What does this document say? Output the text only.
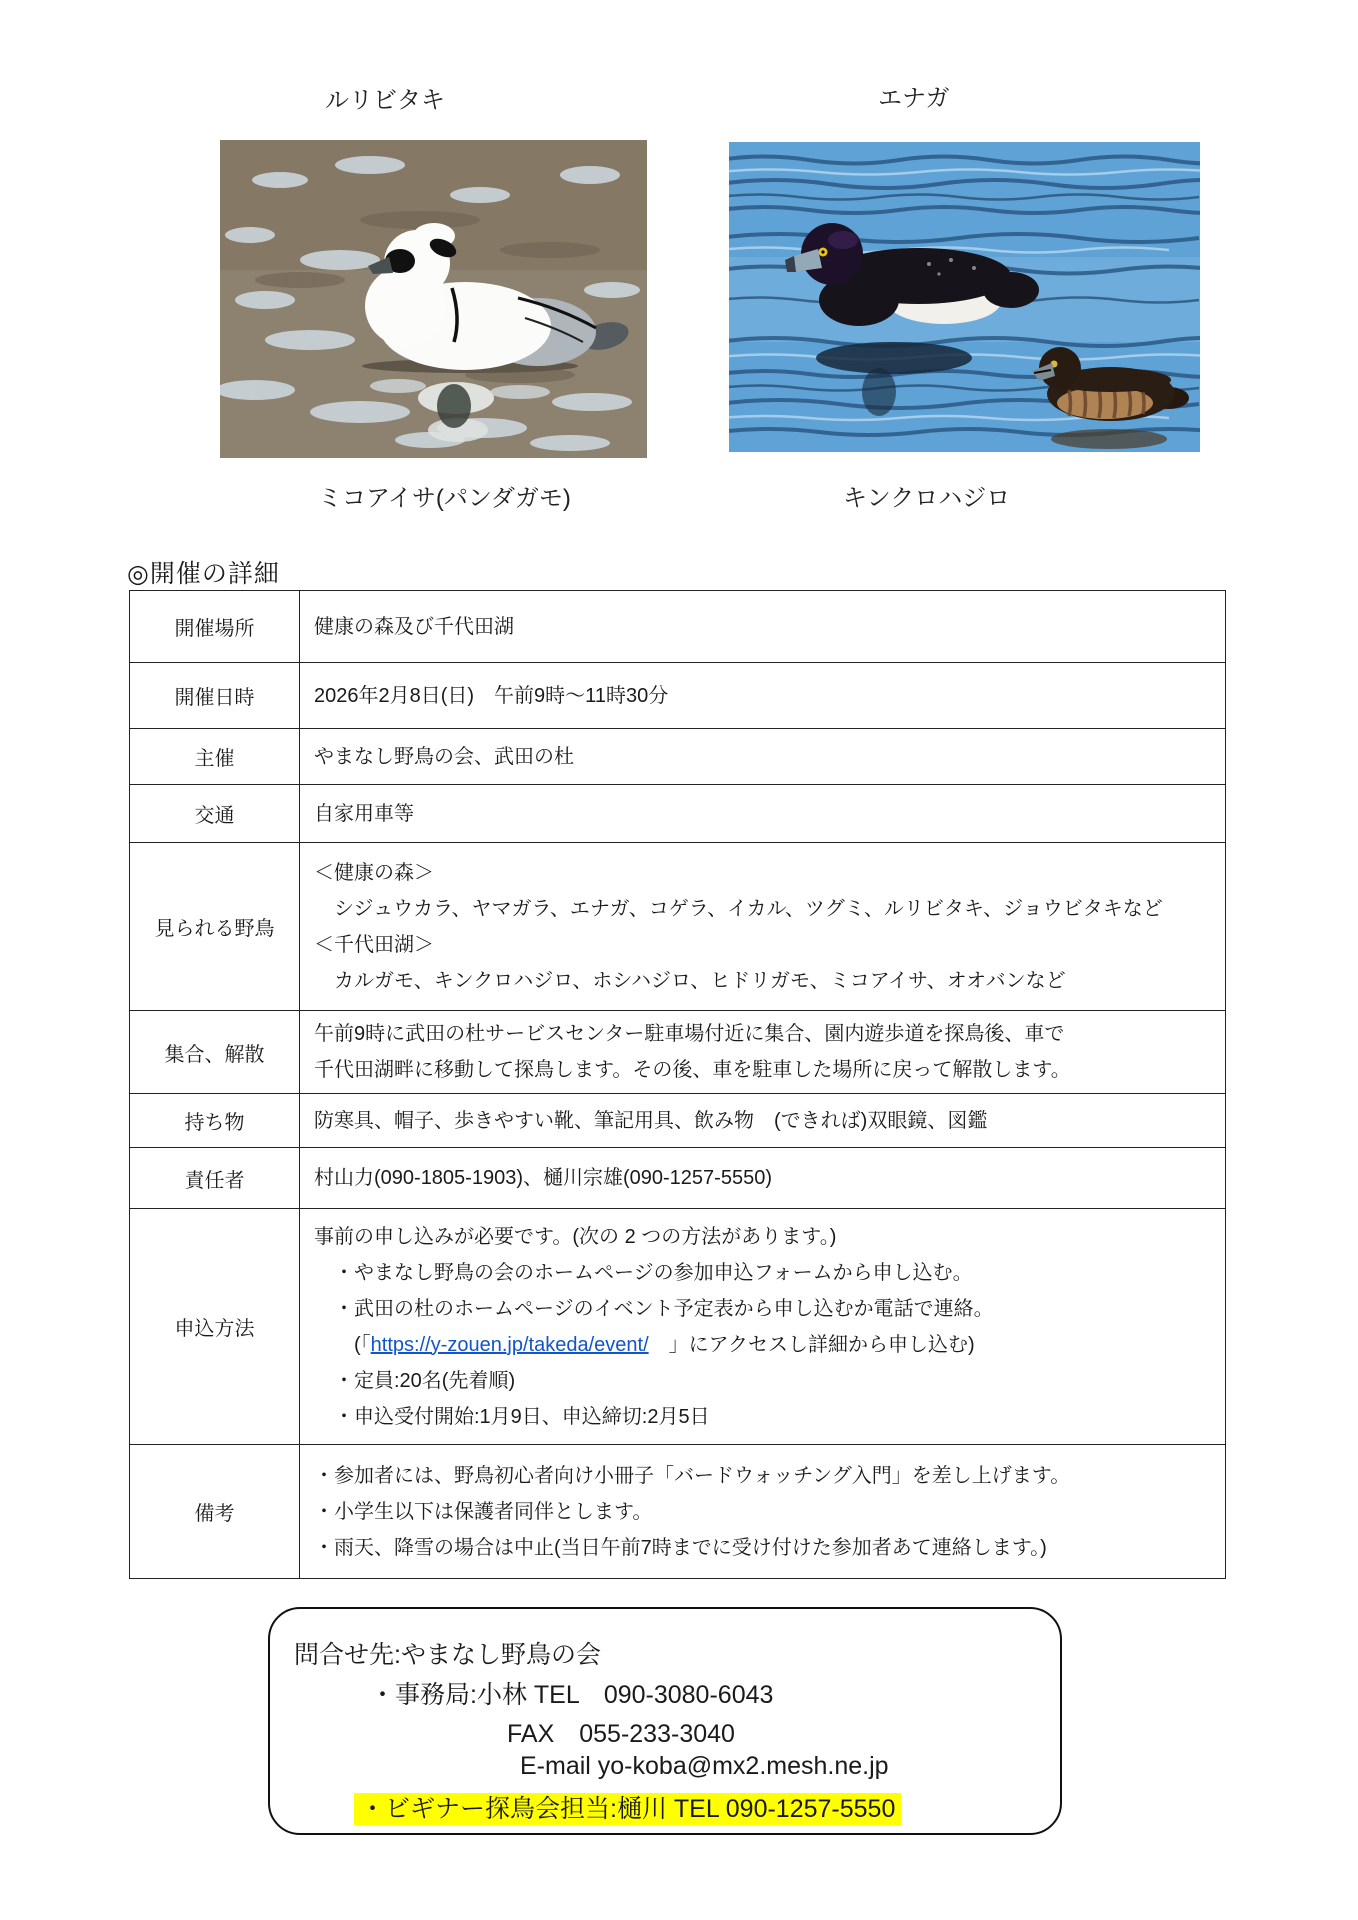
ルリビタキ	エナガ
ミコアイサ(パンダガモ)	キンクロハジロ
◎開催の詳細
開催場所	健康の森及び千代田湖

開催日時	2026年2月8日(日)　午前9時〜11時30分

主催	やまなし野鳥の会、武田の杜

交通	自家用車等

見られる野鳥	＜健康の森＞
　シジュウカラ、ヤマガラ、エナガ、コゲラ、イカル、ツグミ、ルリビタキ、ジョウビタキなど
＜千代田湖＞
　カルガモ、キンクロハジロ、ホシハジロ、ヒドリガモ、ミコアイサ、オオバンなど

集合、解散	午前9時に武田の杜サービスセンター駐車場付近に集合、園内遊歩道を探鳥後、車で
千代田湖畔に移動して探鳥します。その後、車を駐車した場所に戻って解散します。

持ち物	防寒具、帽子、歩きやすい靴、筆記用具、飲み物　(できれば)双眼鏡、図鑑

責任者	村山力(090-1805-1903)、樋川宗雄(090-1257-5550)

申込方法	
事前の申し込みが必要です。(次の 2 つの方法があります。)
　・やまなし野鳥の会のホームページの参加申込フォームから申し込む。
　・武田の杜のホームページのイベント予定表から申し込むか電話で連絡。
　　(「https://y-zouen.jp/takeda/event/　」にアクセスし詳細から申し込む)
　・定員:20名(先着順)
　・申込受付開始:1月9日、申込締切:2月5日

備考	・参加者には、野鳥初心者向け小冊子「バードウォッチング入門」を差し上げます。
・小学生以下は保護者同伴とします。
・雨天、降雪の場合は中止(当日午前7時までに受け付けた参加者あて連絡します。)
問合せ先:やまなし野鳥の会
・事務局:小林 TEL　090-3080-6043
FAX　055-233-3040
E-mail yo-koba@mx2.mesh.ne.jp
・ビギナー探鳥会担当:樋川 TEL 090-1257-5550
